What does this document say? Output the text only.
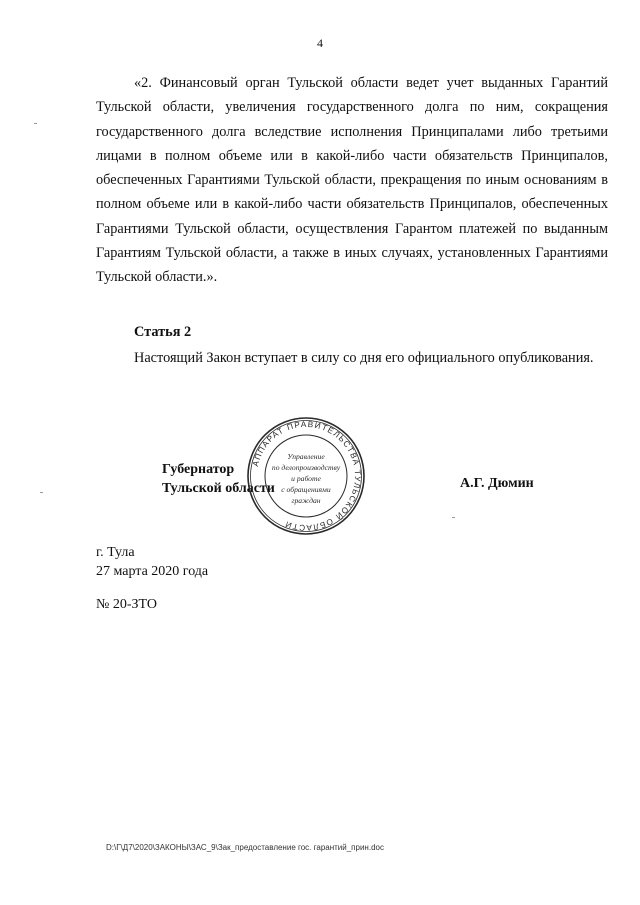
4

«2. Финансовый орган Тульской области ведет учет выданных Гарантий Тульской области, увеличения государственного долга по ним, сокращения государственного долга вследствие исполнения Принципалами либо третьими лицами в полном объеме или в какой-либо части обязательств Принципалов, обеспеченных Гарантиями Тульской области, прекращения по иным основаниям в полном объеме или в какой-либо части обязательств Принципалов, обеспеченных Гарантиями Тульской области, осуществления Гарантом платежей по выданным Гарантиям Тульской области, а также в иных случаях, установленных Гарантиями Тульской области.».

Статья 2

Настоящий Закон вступает в силу со дня его официального опубликования.

Губернатор
Тульской области
АППАРАТ ПРАВИТЕЛЬСТВА ТУЛЬСКОЙ ОБЛАСТИ
Управление
по делопроизводству
и работе
с обращениями
граждан
А.Г. Дюмин
г. Тула
27 марта 2020 года
№ 20-ЗТО
D:\Г\Д7\2020\ЗАКОНЫ\ЗАС_9\Зак_предоставление гос. гарантий_прин.doc
